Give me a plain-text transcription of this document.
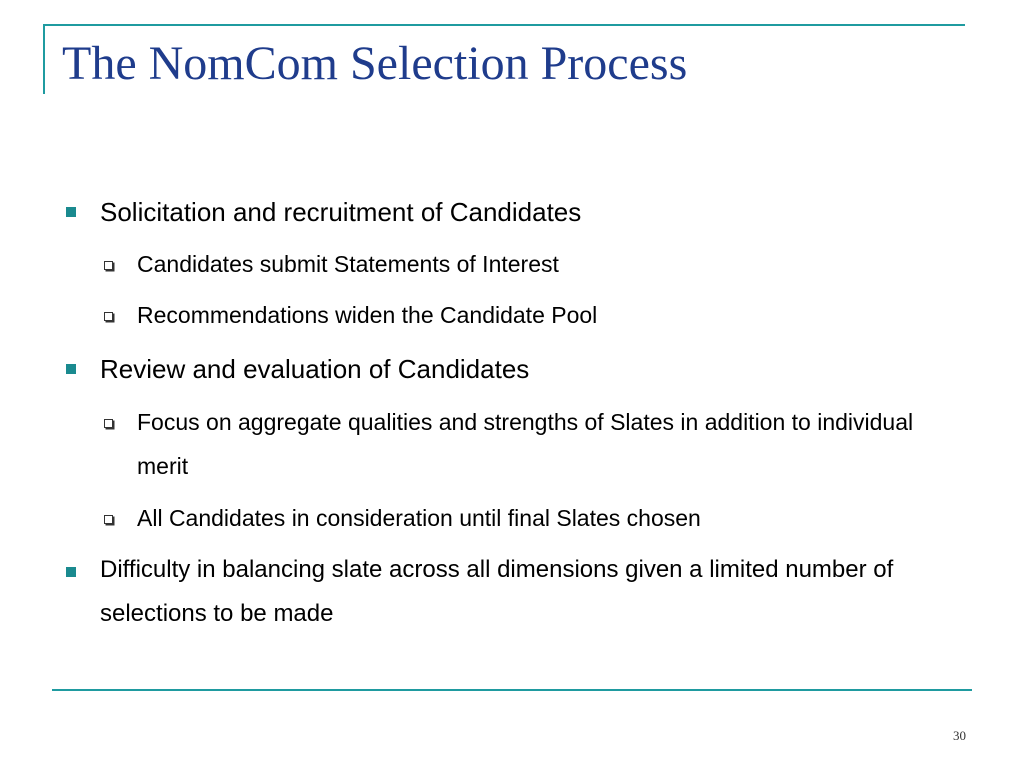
The NomCom Selection Process

Solicitation and recruitment of Candidates

Candidates submit Statements of Interest

Recommendations widen the Candidate Pool

Review and evaluation of Candidates

Focus on aggregate qualities and strengths of Slates in addition to individual merit

All Candidates in consideration until final Slates chosen

Difficulty in balancing slate across all dimensions given a limited number of selections to be made

30
